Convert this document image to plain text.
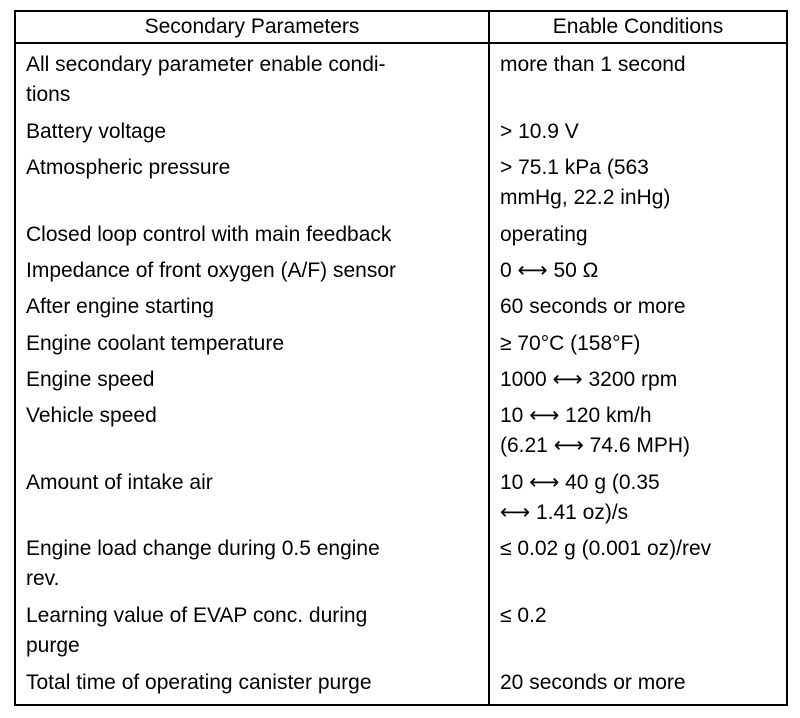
Secondary Parameters	Enable Conditions
All secondary parameter enable condi-
tions	more than 1 second
Battery voltage	> 10.9 V
Atmospheric pressure	> 75.1 kPa (563
mmHg, 22.2 inHg)
Closed loop control with main feedback	operating
Impedance of front oxygen (A/F) sensor	0 ⟷ 50 Ω
After engine starting	60 seconds or more
Engine coolant temperature	≥ 70°C (158°F)
Engine speed	1000 ⟷ 3200 rpm
Vehicle speed	10 ⟷ 120 km/h
(6.21 ⟷ 74.6 MPH)
Amount of intake air	10 ⟷ 40 g (0.35
⟷ 1.41 oz)/s
Engine load change during 0.5 engine
rev.	≤ 0.02 g (0.001 oz)/rev
Learning value of EVAP conc. during
purge	≤ 0.2
Total time of operating canister purge	20 seconds or more
